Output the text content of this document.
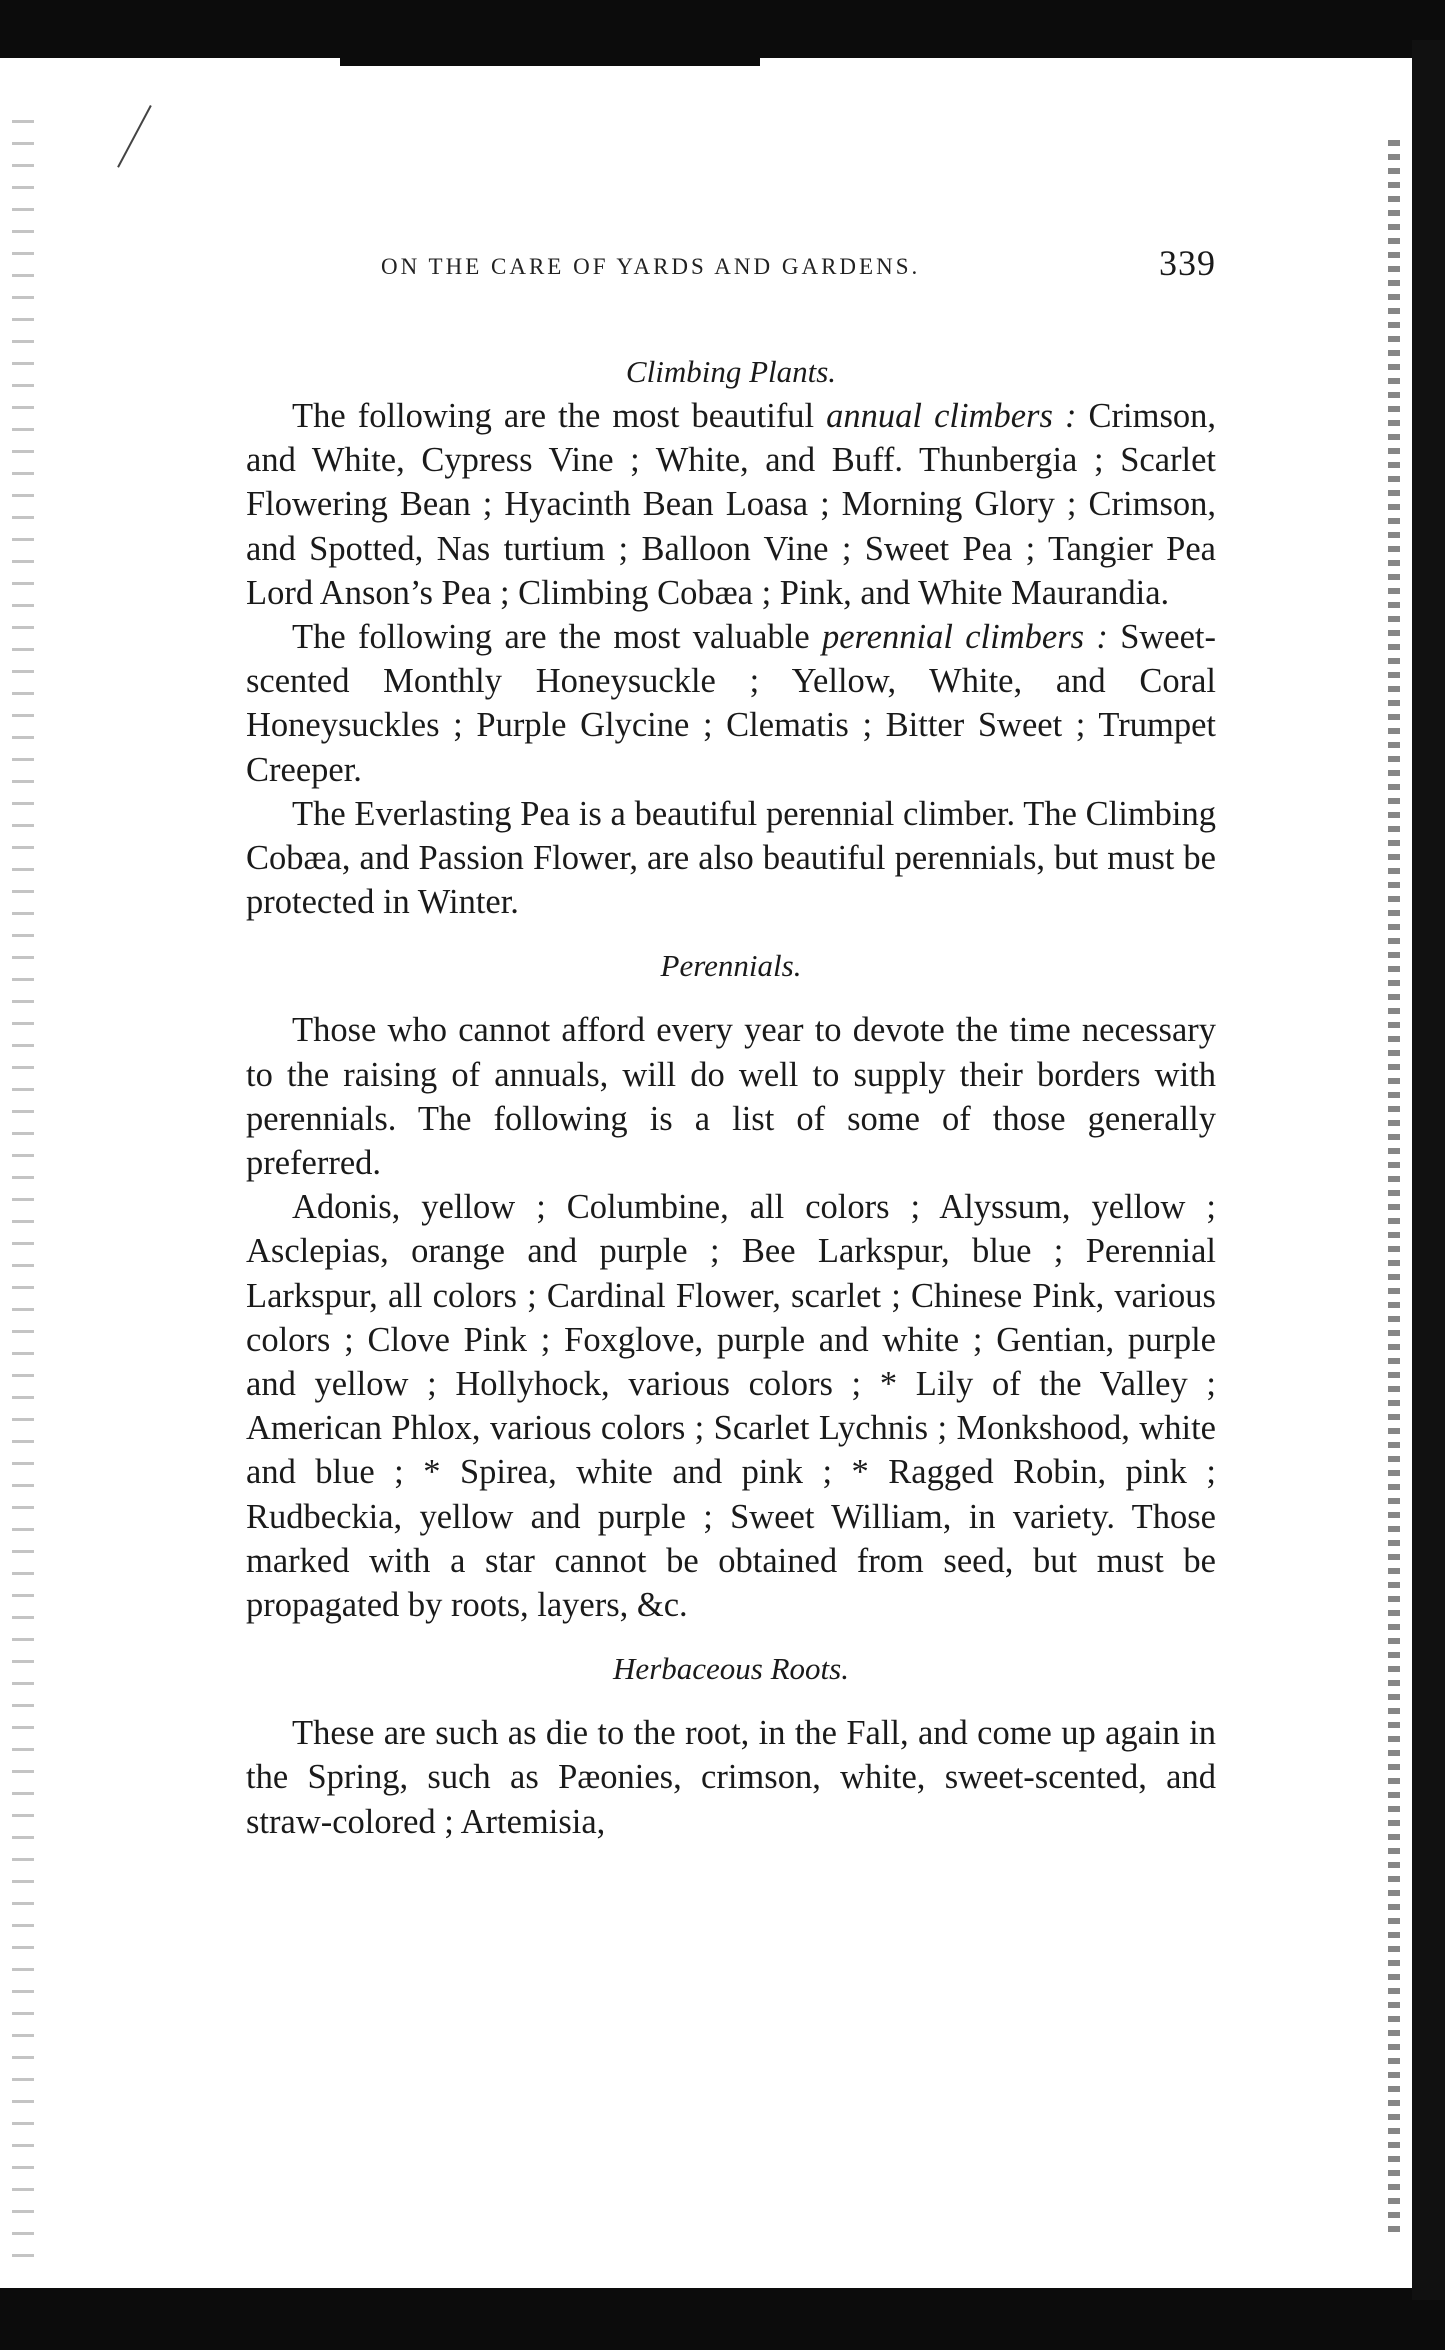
ON THE CARE OF YARDS AND GARDENS.	339

Climbing Plants.

The following are the most beautiful annual climbers : Crimson, and White, Cypress Vine ; White, and Buff. Thunbergia ; Scarlet Flowering Bean ; Hyacinth Bean Loasa ; Morning Glory ; Crimson, and Spotted, Nas turtium ; Balloon Vine ; Sweet Pea ; Tangier Pea Lord Anson’s Pea ; Climbing Cobæa ; Pink, and White Maurandia.

The following are the most valuable perennial climbers : Sweet-scented Monthly Honeysuckle ; Yellow, White, and Coral Honeysuckles ; Purple Glycine ; Clematis ; Bitter Sweet ; Trumpet Creeper.

The Everlasting Pea is a beautiful perennial climber. The Climbing Cobæa, and Passion Flower, are also beautiful perennials, but must be protected in Winter.

Perennials.

Those who cannot afford every year to devote the time necessary to the raising of annuals, will do well to supply their borders with perennials. The following is a list of some of those generally preferred.

Adonis, yellow ; Columbine, all colors ; Alyssum, yellow ; Asclepias, orange and purple ; Bee Larkspur, blue ; Perennial Larkspur, all colors ; Cardinal Flower, scarlet ; Chinese Pink, various colors ; Clove Pink ; Foxglove, purple and white ; Gentian, purple and yellow ; Hollyhock, various colors ; * Lily of the Valley ; American Phlox, various colors ; Scarlet Lychnis ; Monkshood, white and blue ; * Spirea, white and pink ; * Ragged Robin, pink ; Rudbeckia, yellow and purple ; Sweet William, in variety. Those marked with a star cannot be obtained from seed, but must be propagated by roots, layers, &c.

Herbaceous Roots.

These are such as die to the root, in the Fall, and come up again in the Spring, such as Pæonies, crimson, white, sweet-scented, and straw-colored ; Artemisia,
